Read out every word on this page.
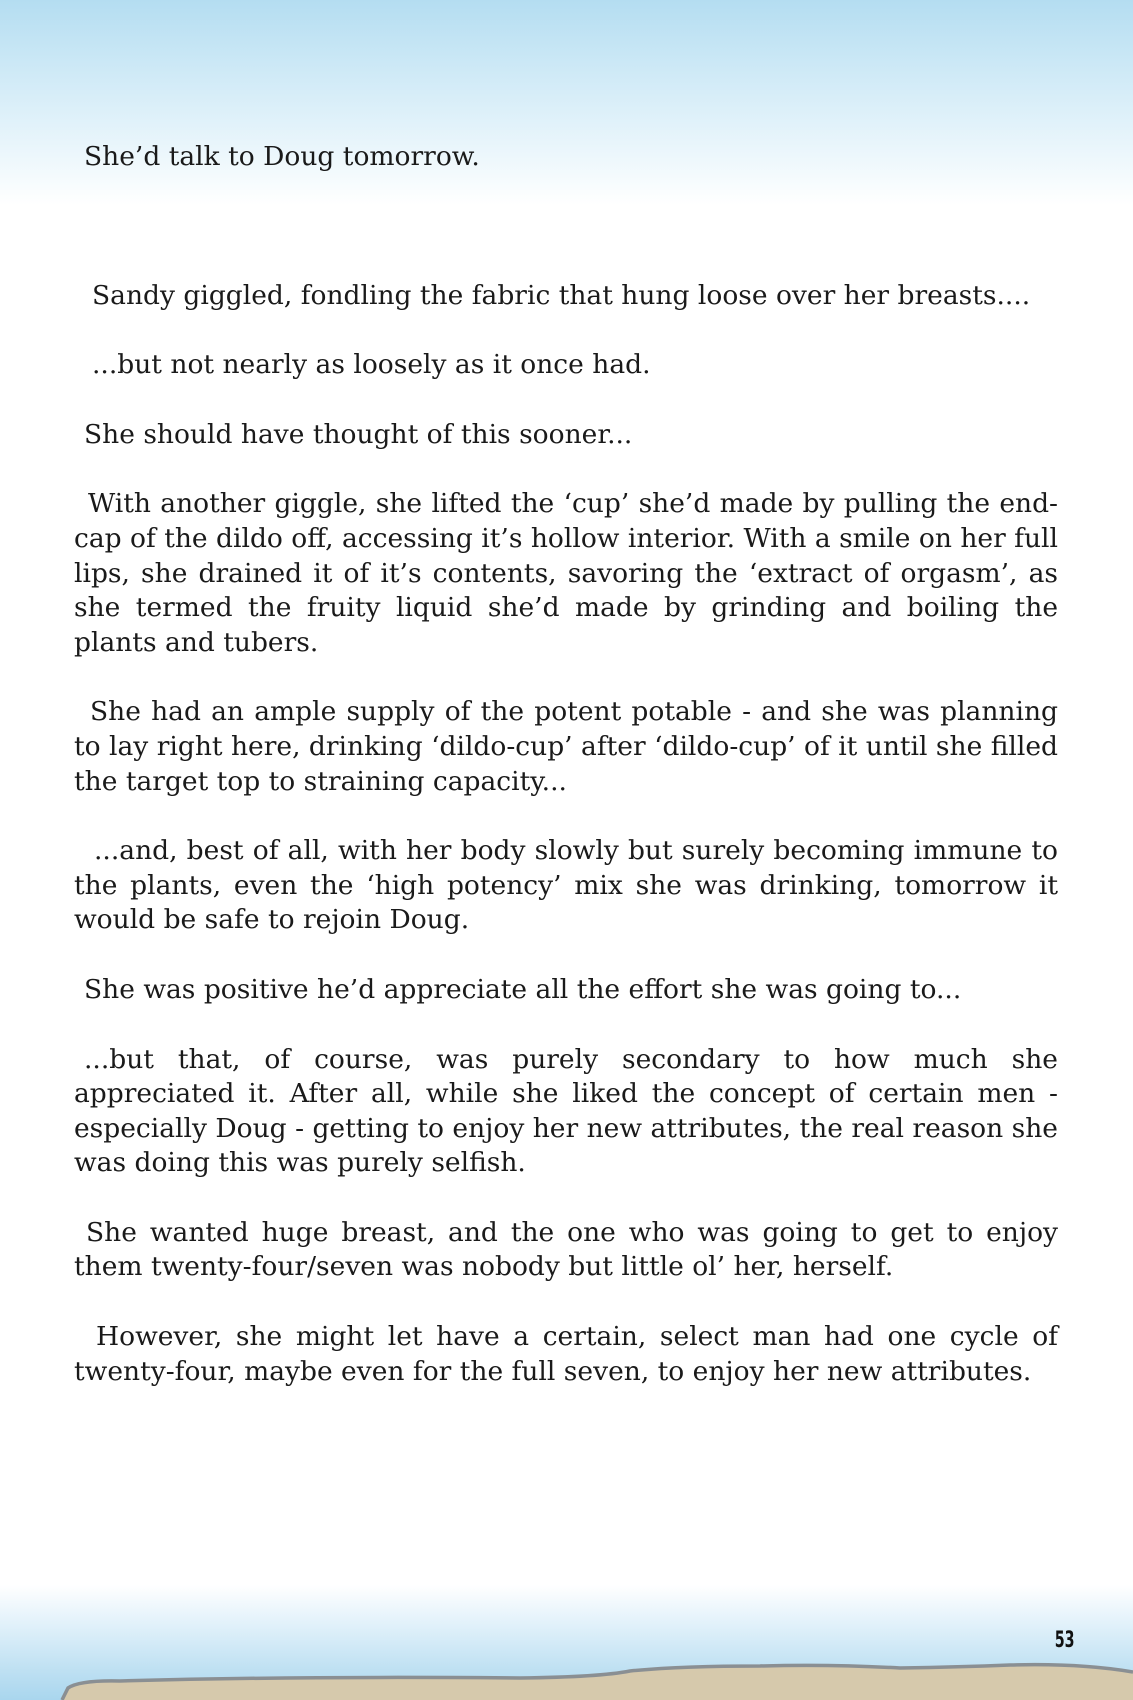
53

She’d talk to Doug tomorrow.

Sandy giggled, fondling the fabric that hung loose over her breasts....

...but not nearly as loosely as it once had.

She should have thought of this sooner...

With another giggle, she lifted the ‘cup’ she’d made by pulling the end-cap of the dildo off, accessing it’s hollow interior. With a smile on her full lips, she drained it of it’s contents, savoring the ‘extract of orgasm’, as she termed the fruity liquid she’d made by grinding and boiling the plants and tubers.

She had an ample supply of the potent potable - and she was planning to lay right here, drinking ‘dildo-cup’ after ‘dildo-cup’ of it until she filled the target top to straining capacity...

...and, best of all, with her body slowly but surely becoming immune to the plants, even the ‘high potency’ mix she was drinking, tomorrow it would be safe to rejoin Doug.

She was positive he’d appreciate all the effort she was going to...

...but that, of course, was purely secondary to how much she appreciated it. After all, while she liked the concept of certain men - especially Doug - getting to enjoy her new attributes, the real reason she was doing this was purely selfish.

She wanted huge breast, and the one who was going to get to enjoy them twenty-four/seven was nobody but little ol’ her, herself.

However, she might let have a certain, select man had one cycle of twenty-four, maybe even for the full seven, to enjoy her new attributes.
